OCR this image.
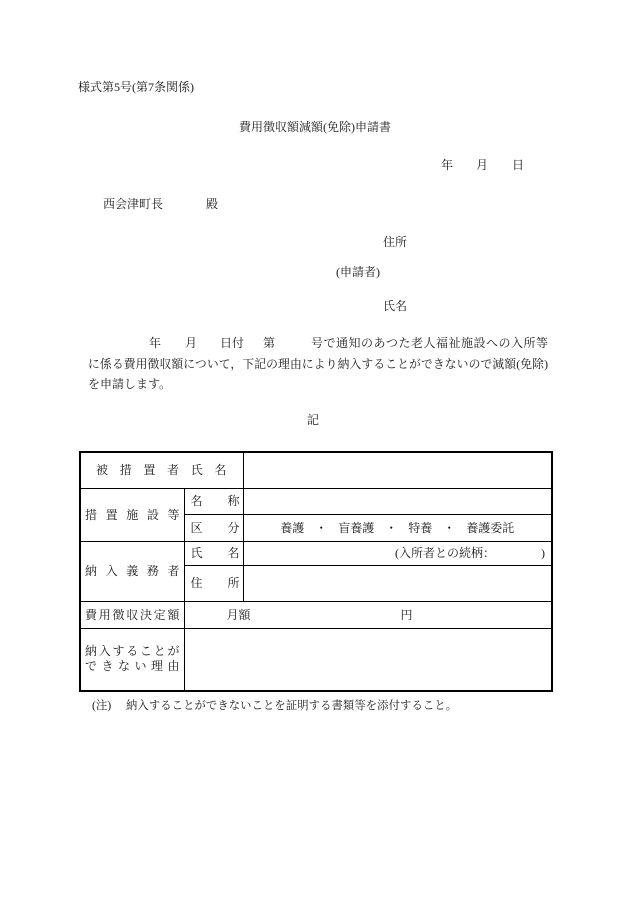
様式第5号(第7条関係)
費用徴収額減額(免除)申請書
年 月 日
西会津町長	殿
住所
(申請者)
氏名
年 月 日付 第	号で通知のあつた老人福祉施設への入所等
に係る費用徴収額について，下記の理由により納入することができないので減額(免除)
を申請します。
記
被措置者氏名		

措置施設等	名称	

	区分	養護 ・ 盲養護 ・ 特養 ・ 養護委託

納入義務者	氏名	(入所者との続柄： )

	住所	

費用徴収決定額	月額 円	

納入することが
できない理由		

(注) 納入することができないことを証明する書類等を添付すること。
